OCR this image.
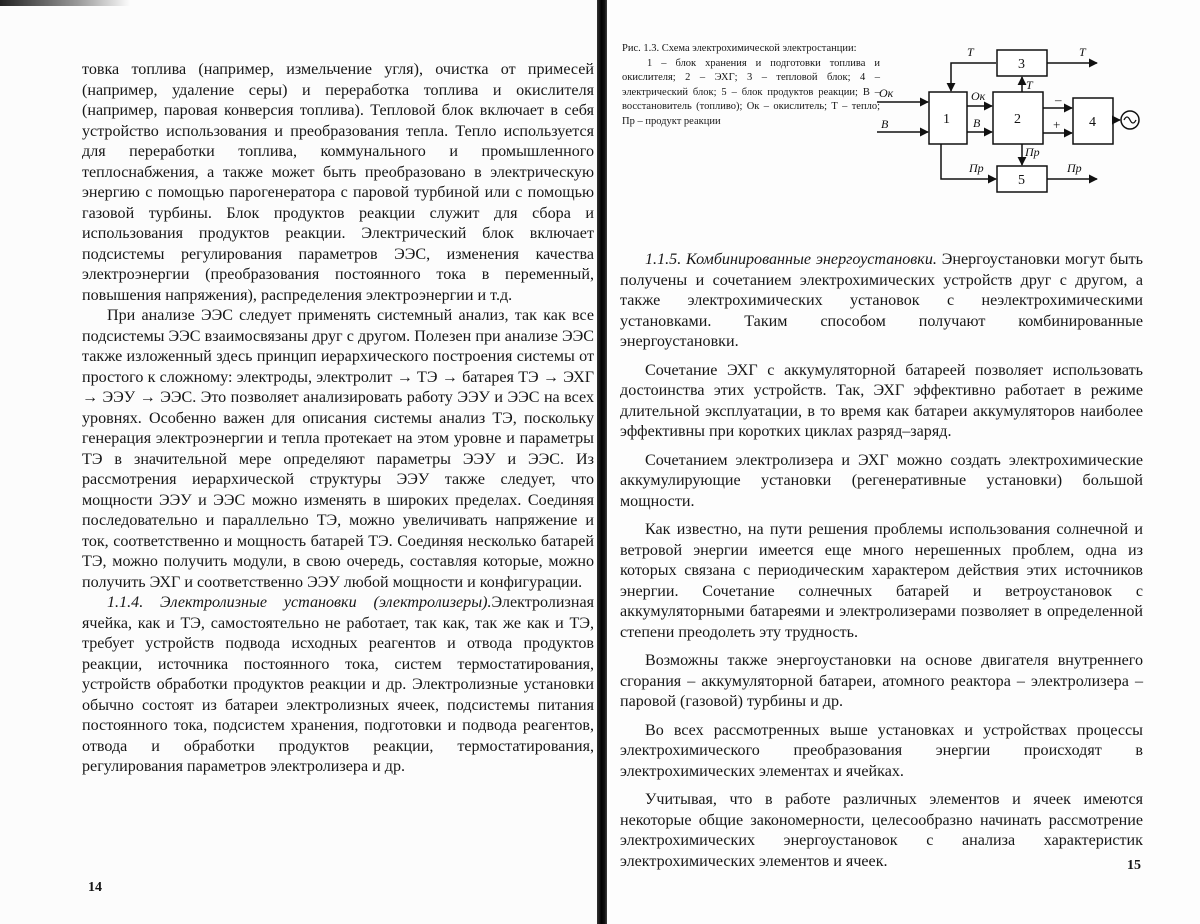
товка топлива (например, измельчение угля), очистка от примесей (например, удаление серы) и переработка топлива и окислителя (например, паровая конверсия топлива). Тепловой блок включает в себя устройство использования и преобразования тепла. Тепло используется для переработки топлива, коммунального и промышленного теплоснабжения, а также может быть преобразовано в электрическую энергию с помощью парогенератора с паровой турбиной или с помощью газовой турбины. Блок продуктов реакции служит для сбора и использования продуктов реакции. Электрический блок включает подсистемы регулирования параметров ЭЭС, изменения качества электроэнергии (преобразования постоянного тока в переменный, повышения напряжения), распределения электроэнергии и т.д.

При анализе ЭЭС следует применять системный анализ, так как все подсистемы ЭЭС взаимосвязаны друг с другом. Полезен при анализе ЭЭС также изложенный здесь принцип иерархического построения системы от простого к сложному: электроды, электролит → ТЭ → батарея ТЭ → ЭХГ → ЭЭУ → ЭЭС. Это позволяет анализировать работу ЭЭУ и ЭЭС на всех уровнях. Особенно важен для описания системы анализ ТЭ, поскольку генерация электроэнергии и тепла протекает на этом уровне и параметры ТЭ в значительной мере определяют параметры ЭЭУ и ЭЭС. Из рассмотрения иерархической структуры ЭЭУ также следует, что мощности ЭЭУ и ЭЭС можно изменять в широких пределах. Соединяя последовательно и параллельно ТЭ, можно увеличивать напряжение и ток, соответственно и мощность батарей ТЭ. Соединяя несколько батарей ТЭ, можно получить модули, в свою очередь, составляя которые, можно получить ЭХГ и соответственно ЭЭУ любой мощности и конфигурации.

1.1.4. Электролизные установки (электролизеры).Электролизная ячейка, как и ТЭ, самостоятельно не работает, так как, так же как и ТЭ, требует устройств подвода исходных реагентов и отвода продуктов реакции, источника постоянного тока, систем термостатирования, устройств обработки продуктов реакции и др. Электролизные установки обычно состоят из батареи электролизных ячеек, подсистемы питания постоянного тока, подсистем хранения, подготовки и подвода реагентов, отвода и обработки продуктов реакции, термостатирования, регулирования параметров электролизера и др.

14

Рис. 1.3. Схема электрохимической электростанции:

1 – блок хранения и подготовки топлива и окислителя; 2 – ЭХГ; 3 – тепловой блок; 4 – электрический блок; 5 – блок продуктов реакции; В – восстановитель (топливо); Ок – окислитель; Т – тепло; Пр – продукт реакции	1	2
3
4
5
Т	Т
Т
Ок	Ок
В	В
Пр
Пр	Пр
–
+

1.1.5. Комбинированные энергоустановки. Энергоустановки могут быть получены и сочетанием электрохимических устройств друг с другом, а также электрохимических установок с неэлектрохимическими установками. Таким способом получают комбинированные энергоустановки.

Сочетание ЭХГ с аккумуляторной батареей позволяет использовать достоинства этих устройств. Так, ЭХГ эффективно работает в режиме длительной эксплуатации, в то время как батареи аккумуляторов наиболее эффективны при коротких циклах разряд–заряд.

Сочетанием электролизера и ЭХГ можно создать электрохимические аккумулирующие установки (регенеративные установки) большой мощности.

Как известно, на пути решения проблемы использования солнечной и ветровой энергии имеется еще много нерешенных проблем, одна из которых связана с периодическим характером действия этих источников энергии. Сочетание солнечных батарей и ветроустановок с аккумуляторными батареями и электролизерами позволяет в определенной степени преодолеть эту трудность.

Возможны также энергоустановки на основе двигателя внутреннего сгорания – аккумуляторной батареи, атомного реактора – электролизера – паровой (газовой) турбины и др.

Во всех рассмотренных выше установках и устройствах процессы электрохимического преобразования энергии происходят в электрохимических элементах и ячейках.

Учитывая, что в работе различных элементов и ячеек имеются некоторые общие закономерности, целесообразно начинать рассмотрение электрохимических энергоустановок с анализа характеристик электрохимических элементов и ячеек.	15
